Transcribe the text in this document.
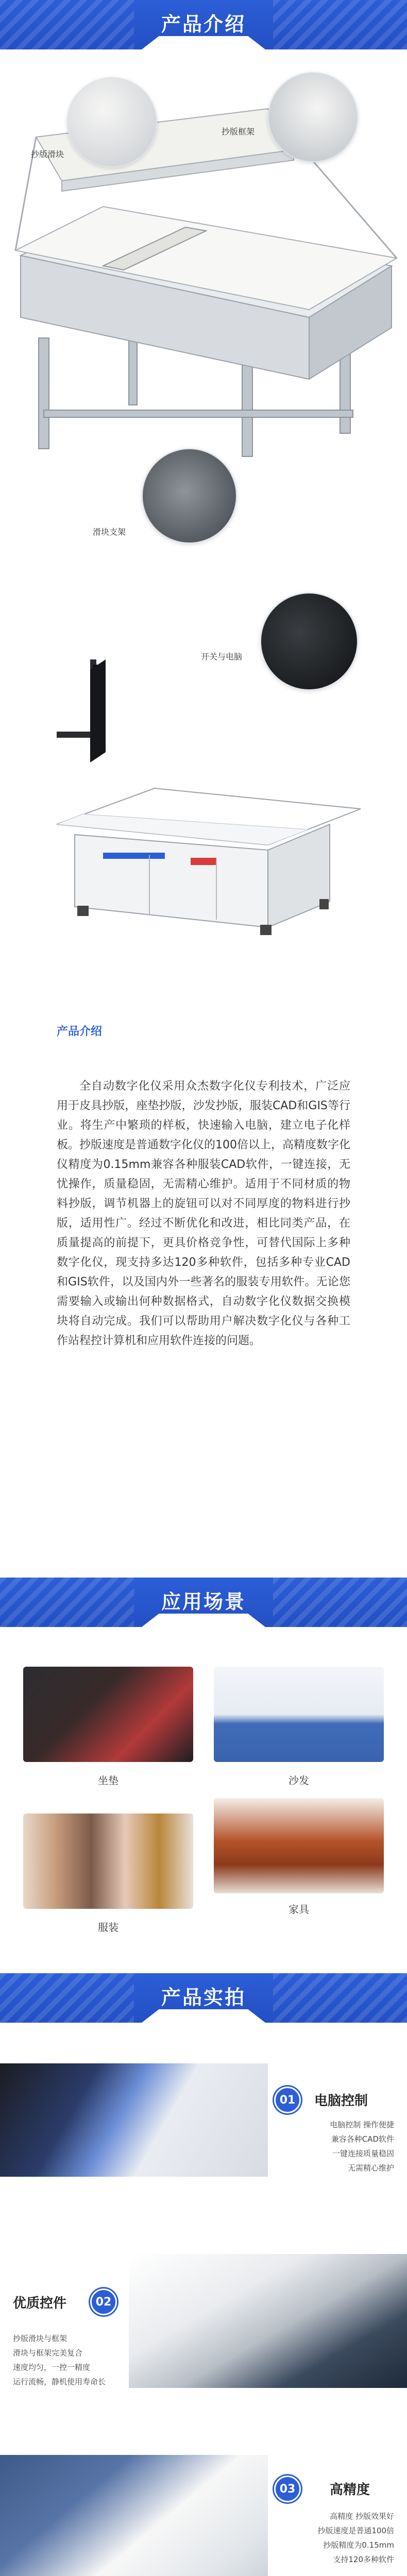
产品介绍
抄版滑块
抄版框架
滑块支架
开关与电脑
产品介绍
全自动数字化仪采用众杰数字化仪专利技术，广泛应用于皮具抄版，座垫抄版，沙发抄版，服装CAD和GIS等行业。将生产中繁琐的样板，快速输入电脑，建立电子化样板。抄版速度是普通数字化仪的100倍以上，高精度数字化仪精度为0.15mm兼容各种服装CAD软件，一键连接，无忧操作，质量稳固，无需精心维护。适用于不同材质的物料抄版，调节机器上的旋钮可以对不同厚度的物料进行抄版，适用性广。经过不断优化和改进，相比同类产品，在质量提高的前提下，更具价格竞争性，可替代国际上多种数字化仪，现支持多达120多种软件，包括多种专业CAD和GIS软件，以及国内外一些著名的服装专用软件。无论您需要输入或输出何种数据格式，自动数字化仪数据交换模块将自动完成。我们可以帮助用户解决数字化仪与各种工作站程控计算机和应用软件连接的问题。
应用场景
坐垫	沙发
服装
家具
产品实拍
01	电脑控制
电脑控制 操作便捷
兼容各种CAD软件
一键连接质量稳固
无需精心维护
优质控件	02
抄版滑块与框架
滑块与框架完美复合
速度均匀，一控一精度
运行流畅，静机使用寿命长
03	高精度
高精度 抄版效果好
抄版速度是普通100倍
抄版精度为0.15mm
支持120多种软件
